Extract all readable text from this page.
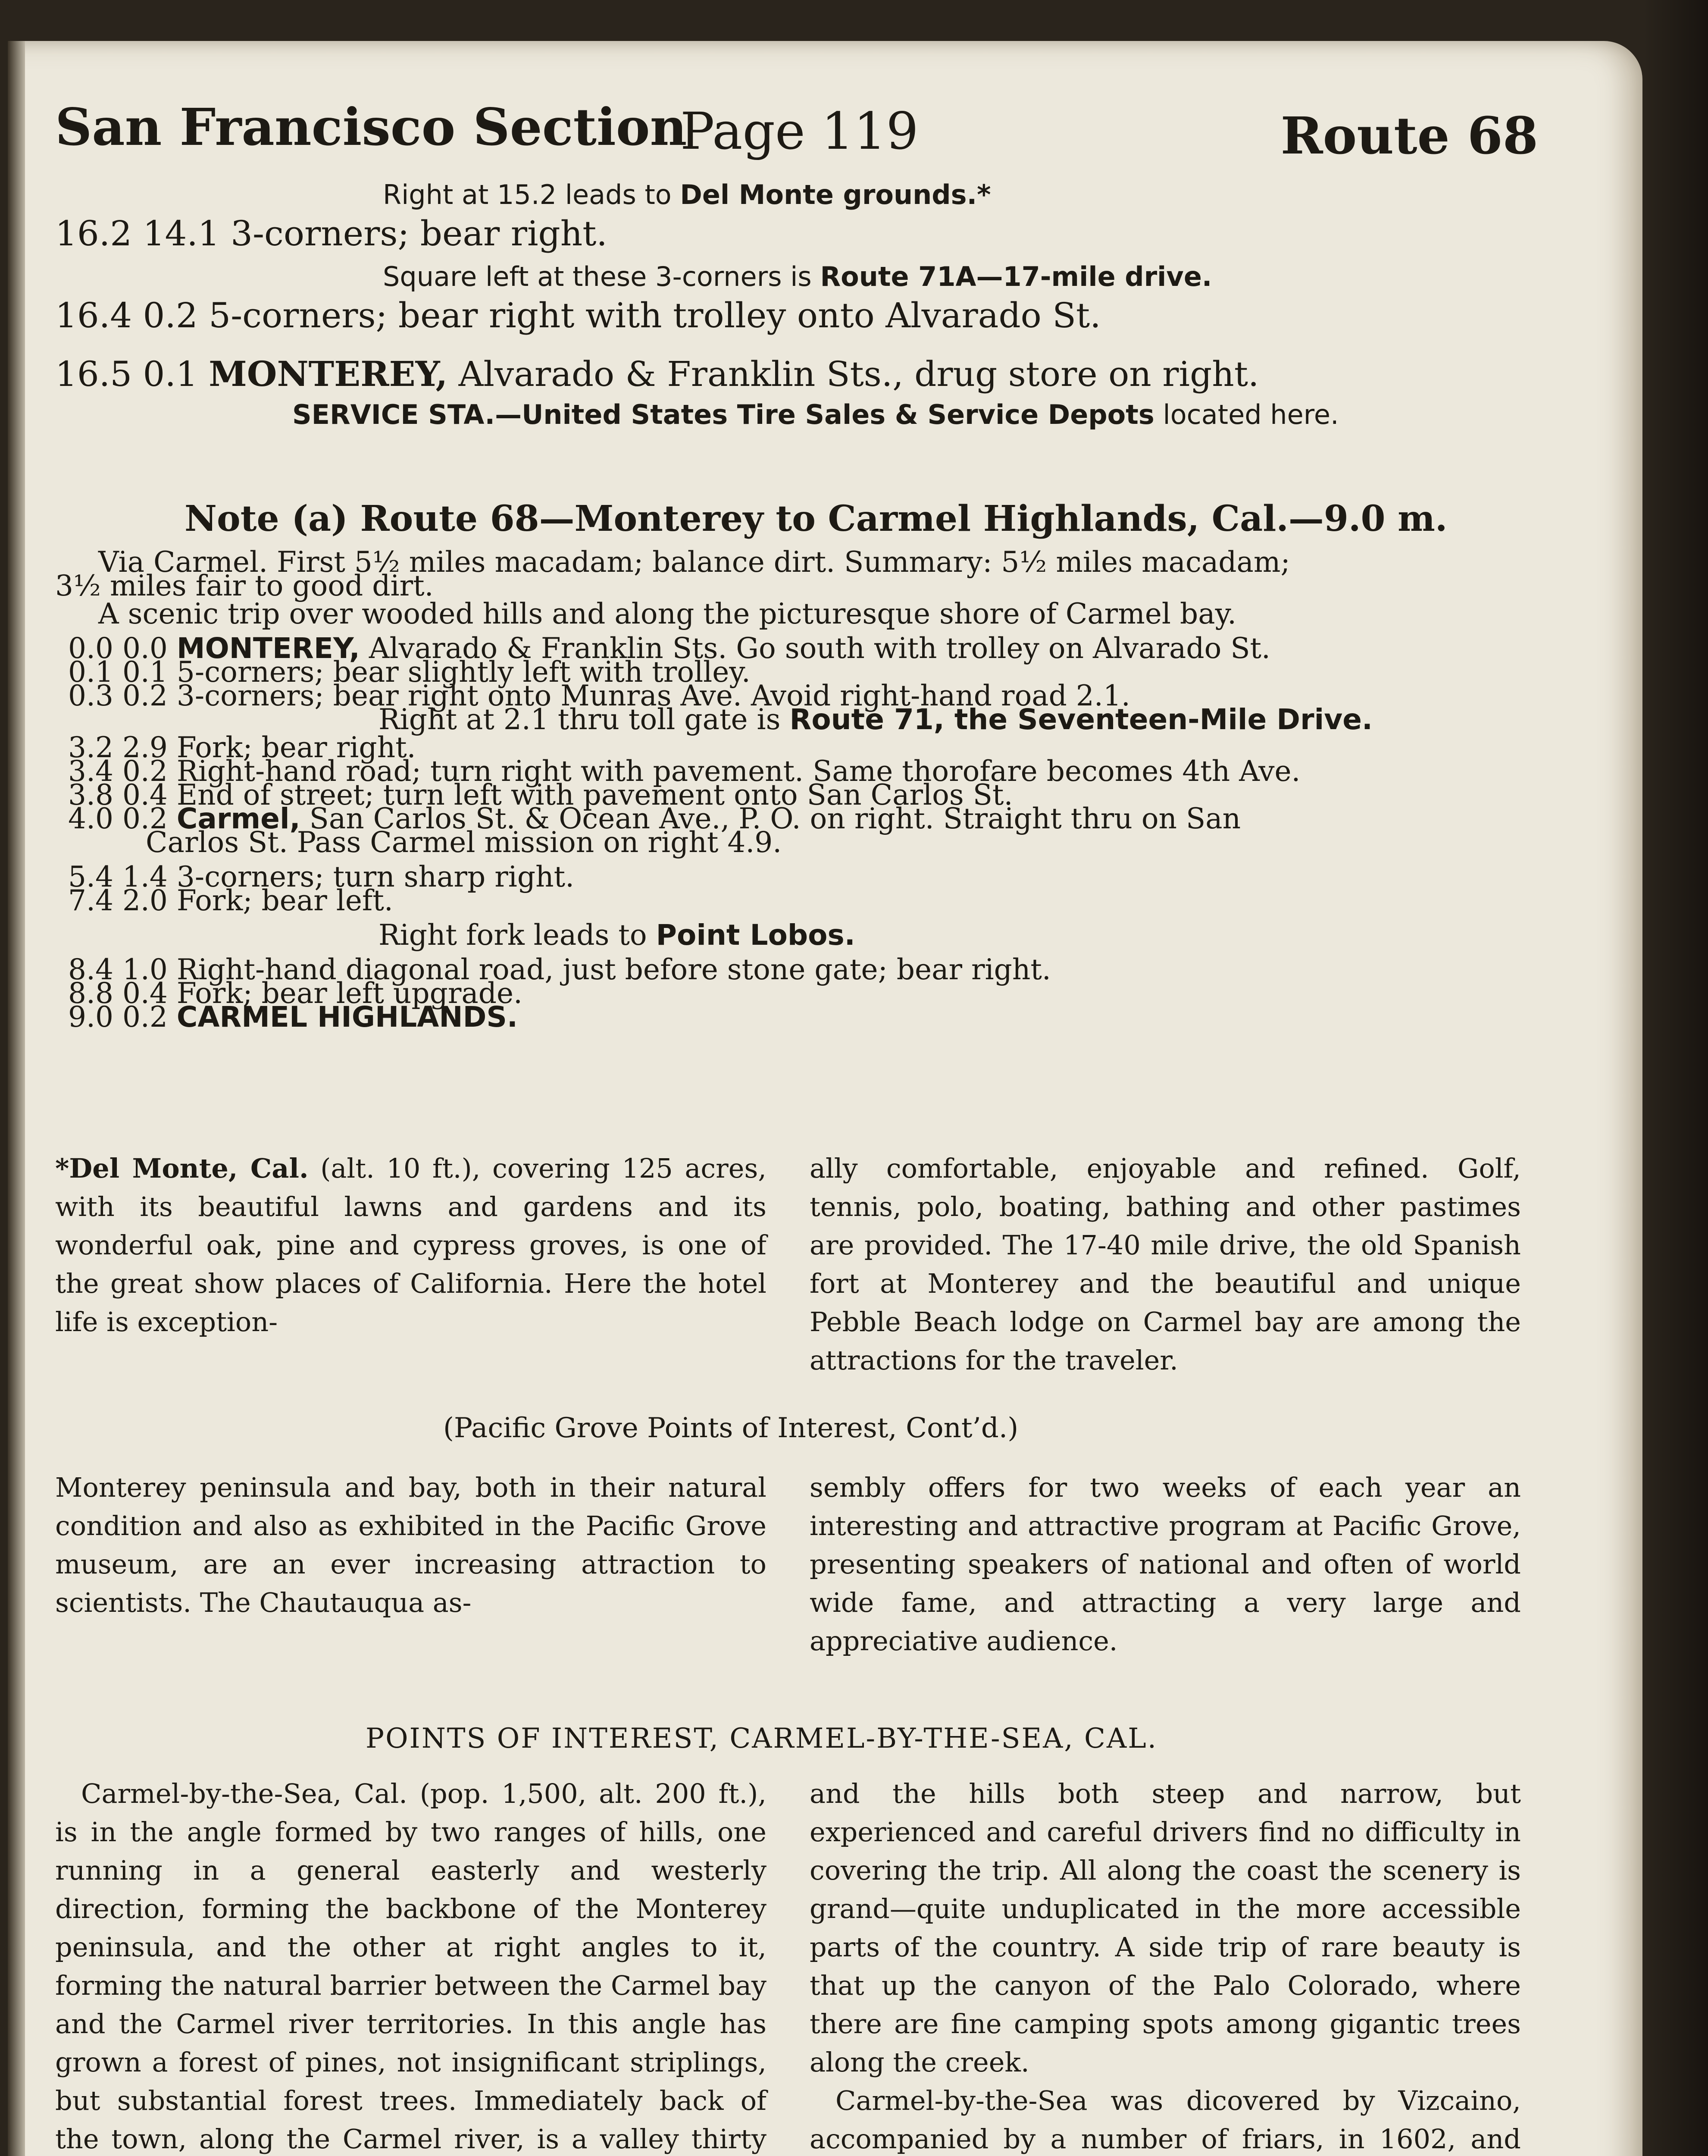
San Francisco Section
Page 119	Route 68
Right at 15.2 leads to Del Monte grounds.*
16.2 14.1 3-corners; bear right.
Square left at these 3-corners is Route 71A—17-mile drive.
16.4 0.2 5-corners; bear right with trolley onto Alvarado St.
16.5 0.1 MONTEREY, Alvarado & Franklin Sts., drug store on right.
SERVICE STA.—United States Tire Sales & Service Depots located here.
Note (a) Route 68—Monterey to Carmel Highlands, Cal.—9.0 m.
Via Carmel. First 5½ miles macadam; balance dirt. Summary: 5½ miles macadam;
3½ miles fair to good dirt.
A scenic trip over wooded hills and along the picturesque shore of Carmel bay.
0.0 0.0 MONTEREY, Alvarado & Franklin Sts. Go south with trolley on Alvarado St.
0.1 0.1 5-corners; bear slightly left with trolley.
0.3 0.2 3-corners; bear right onto Munras Ave. Avoid right-hand road 2.1.
Right at 2.1 thru toll gate is Route 71, the Seventeen-Mile Drive.
3.2 2.9 Fork; bear right.
3.4 0.2 Right-hand road; turn right with pavement. Same thorofare becomes 4th Ave.
3.8 0.4 End of street; turn left with pavement onto San Carlos St.
4.0 0.2 Carmel, San Carlos St. & Ocean Ave., P. O. on right. Straight thru on San
Carlos St. Pass Carmel mission on right 4.9.
5.4 1.4 3-corners; turn sharp right.
7.4 2.0 Fork; bear left.
Right fork leads to Point Lobos.
8.4 1.0 Right-hand diagonal road, just before stone gate; bear right.
8.8 0.4 Fork; bear left upgrade.
9.0 0.2 CARMEL HIGHLANDS.

*Del Monte, Cal. (alt. 10 ft.), covering 125 acres, with its beautiful lawns and gardens and its wonderful oak, pine and cypress groves, is one of the great show places of California. Here the hotel life is exception-

ally comfortable, enjoyable and refined. Golf, tennis, polo, boating, bathing and other pastimes are provided. The 17-40 mile drive, the old Spanish fort at Monterey and the beautiful and unique Pebble Beach lodge on Carmel bay are among the attractions for the traveler.

(Pacific Grove Points of Interest, Cont’d.)

Monterey peninsula and bay, both in their natural condition and also as exhibited in the Pacific Grove museum, are an ever increasing attraction to scientists. The Chautauqua as-

sembly offers for two weeks of each year an interesting and attractive program at Pacific Grove, presenting speakers of national and often of world wide fame, and attracting a very large and appreciative audience.

POINTS OF INTEREST, CARMEL-BY-THE-SEA, CAL.

Carmel-by-the-Sea, Cal. (pop. 1,500, alt. 200 ft.), is in the angle formed by two ranges of hills, one running in a general easterly and westerly direction, forming the backbone of the Monterey peninsula, and the other at right angles to it, forming the natural barrier between the Carmel bay and the Carmel river territories. In this angle has grown a forest of pines, not insignificant striplings, but substantial forest trees. Immediately back of the town, along the Carmel river, is a valley thirty

and the hills both steep and narrow, but experienced and careful drivers find no difficulty in covering the trip. All along the coast the scenery is grand—quite unduplicated in the more accessible parts of the country. A side trip of rare beauty is that up the canyon of the Palo Colorado, where there are fine camping spots among gigantic trees along the creek.

Carmel-by-the-Sea was dicovered by Vizcaino, accompanied by a number of friars, in 1602, and
